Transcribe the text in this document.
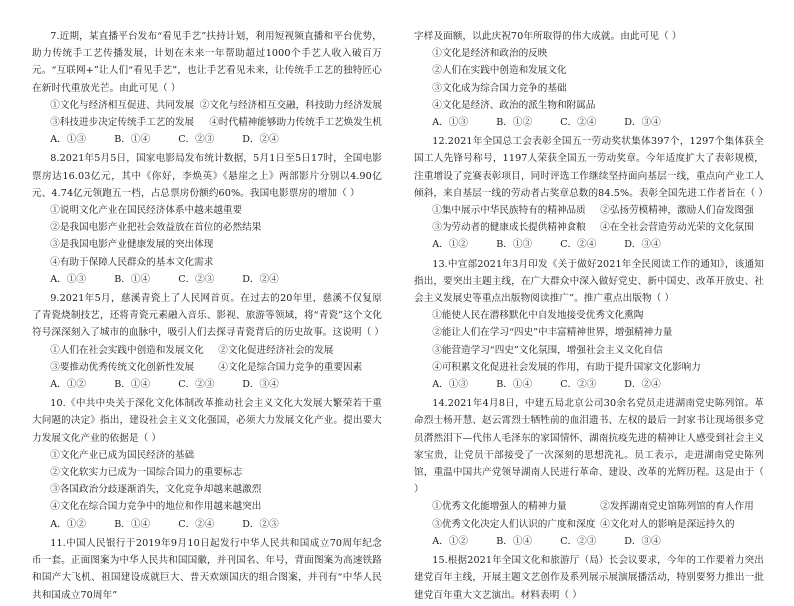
7.近期，某直播平台发布“看见手艺”扶持计划，利用短视频直播和平台优势，助力传统手工艺传播发展，计划在未来一年帮助超过1000个手艺人收入破百万元。“互联网+”让人们“看见手艺”，也让手艺看见未来，让传统手工艺的独特匠心在新时代重放光芒。由此可见（ ）
①文化与经济相互促进、共同发展 ②文化与经济相互交融，科技助力经济发展
③科技进步决定传统手工艺的发展	④时代精神能够助力传统手工艺焕发生机
A．①③	B．①④	C．②③	D．②④
8.2021年5月5日，国家电影局发布统计数据，5月1日至5日17时，全国电影票房达16.03亿元，其中《你好，李焕英》《悬崖之上》两部影片分别以4.90亿元、4.74亿元领跑五一档，占总票房份额约60%。我国电影票房的增加（ ）
①说明文化产业在国民经济体系中越来越重要
②是我国电影产业把社会效益放在首位的必然结果
③是我国电影产业健康发展的突出体现
④有助于保障人民群众的基本文化需求
A．①③	B．①④	C．②③	D．②④
9.2021年5月，慈溪青瓷上了人民网首页。在过去的20年里，慈溪不仅复原了青瓷烧制技艺，还将青瓷元素融入音乐、影视、旅游等领域，将“青瓷”这个文化符号深深刻入了城市的血脉中，吸引人们去探寻青瓷背后的历史故事。这说明（ ）
①人们在社会实践中创造和发展文化	②文化促进经济社会的发展
③要推动优秀传统文化创新性发展	④文化是综合国力竞争的重要因素
A．①②	B．①④	C．②③	D．③④
10.《中共中央关于深化文化体制改革推动社会主义文化大发展大繁荣若干重大问题的决定》指出，建设社会主义文化强国，必须大力发展文化产业。提出要大力发展文化产业的依据是（ ）
①文化产业已成为国民经济的基础
②文化软实力已成为一国综合国力的重要标志
③各国政治分歧逐渐消失，文化竞争却越来越激烈
④文化在综合国力竞争中的地位和作用越来越突出
A．①②	B．①④	C．②④	D．②③
11.中国人民银行于2019年9月10日起发行中华人民共和国成立70周年纪念币一套。正面图案为中华人民共和国国徽，并刊国名、年号，背面图案为高速铁路和国产大飞机、祖国建设成就巨大、普天欢颂国庆的组合图案，并刊有“中华人民共和国成立70周年”
字样及面额，以此庆祝70年所取得的伟大成就。由此可见（ ）
①文化是经济和政治的反映
②人们在实践中创造和发展文化
③文化成为综合国力竞争的基础
④文化是经济、政治的派生物和附属品
A．①③	B．①②	C．②④	D．③④
12.2021年全国总工会表彰全国五一劳动奖状集体397个，1297个集体获全国工人先锋号称号，1197人荣获全国五一劳动奖章。今年适度扩大了表彰规模，注重增设了竞赛表彰项目，同时评选工作继续坚持面向基层一线，重点向产业工人倾斜，来自基层一线的劳动者占奖章总数的84.5%。表彰全国先进工作者旨在（ ）
①集中展示中华民族特有的精神品质	②弘扬劳模精神，激励人们奋发图强
③为劳动者的健康成长提供精神食粮	④在全社会营造劳动光荣的文化氛围
A．①②	B．①③	C．②④	D．③④
13.中宣部2021年3月印发《关于做好2021年全民阅读工作的通知》，该通知指出，要突出主题主线，在广大群众中深入做好党史、新中国史、改革开放史、社会主义发展史等重点出版物阅读推广”。推广重点出版物（ ）
①能使人民在潜移默化中自发地接受优秀文化熏陶
②能让人们在学习“四史”中丰富精神世界，增强精神力量
③能营造学习“四史”文化氛围，增强社会主义文化自信
④可积累文化促进社会发展的作用，有助于提升国家文化影响力
A．①③	B．①④	C．②③	D．②④
14.2021年4月8日，中建五局北京公司30余名党员走进湖南党史陈列馆。革命烈士杨开慧、赵云霄烈士牺牲前的血泪遗书、左权的最后一封家书让现场很多党员潸然泪下—代伟人毛泽东的家国情怀、湖南抗疫先进的精神让人感受到社会主义家宝贵，让党员干部接受了一次深刻的思想洗礼。员工表示，走进湖南党史陈列馆，重温中国共产党领导湖南人民进行革命、建设、改革的光辉历程。这是由于（ ）
①优秀文化能增强人的精神力量	②发挥湖南党史馆陈列馆的育人作用
③优秀文化决定人们认识的广度和深度 ④文化对人的影响是深远持久的
A．①②	B．①④	C．②③	D．③④
15.根据2021年全国文化和旅游厅（局）长会议要求，今年的工作要着力突出建党百年主线，开展主题文艺创作及系列展示展演展播活动，特别要努力推出一批建党百年重大文艺演出。材料表明（ ）
